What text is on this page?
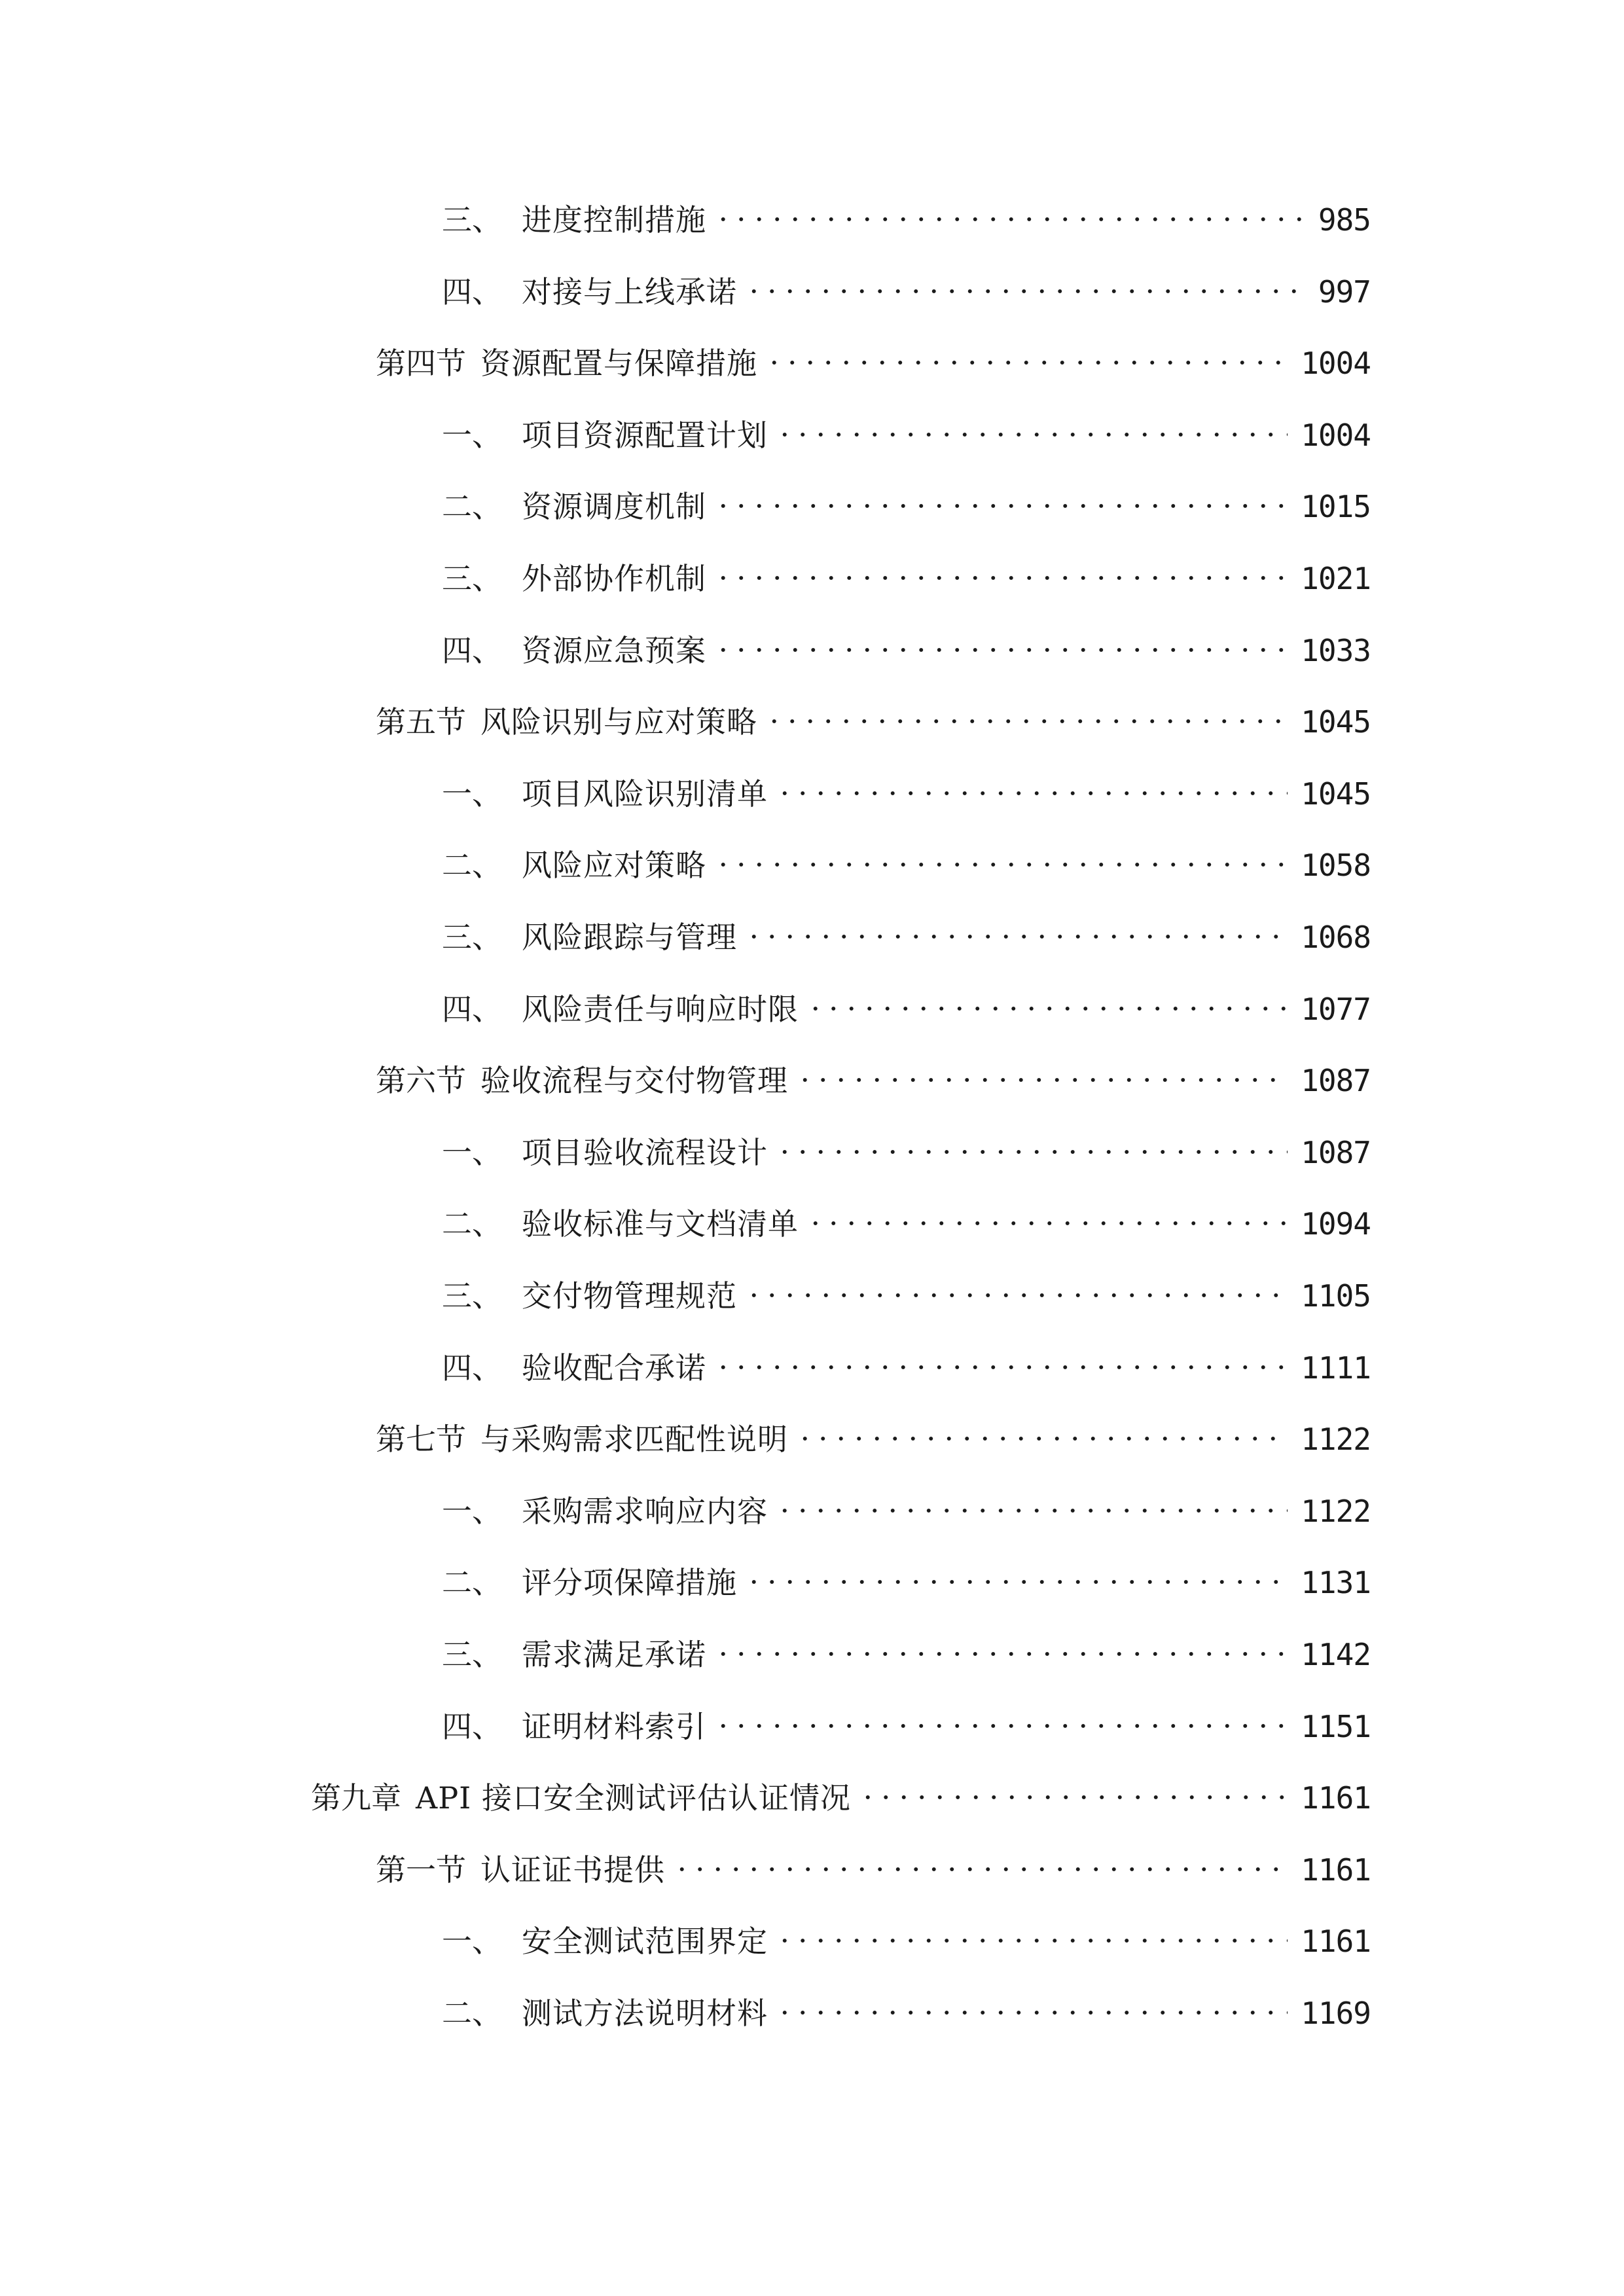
三、 进度控制措施	985
四、 对接与上线承诺	997
第四节 资源配置与保障措施	1004
一、 项目资源配置计划	1004
二、 资源调度机制	1015
三、 外部协作机制	1021
四、 资源应急预案	1033
第五节 风险识别与应对策略	1045
一、 项目风险识别清单	1045
二、 风险应对策略	1058
三、 风险跟踪与管理	1068
四、 风险责任与响应时限	1077
第六节 验收流程与交付物管理	1087
一、 项目验收流程设计	1087
二、 验收标准与文档清单	1094
三、 交付物管理规范	1105
四、 验收配合承诺	1111
第七节 与采购需求匹配性说明	1122
一、 采购需求响应内容	1122
二、 评分项保障措施	1131
三、 需求满足承诺	1142
四、 证明材料索引	1151
第九章 API 接口安全测试评估认证情况	1161
第一节 认证证书提供	1161
一、 安全测试范围界定	1161
二、 测试方法说明材料	1169
